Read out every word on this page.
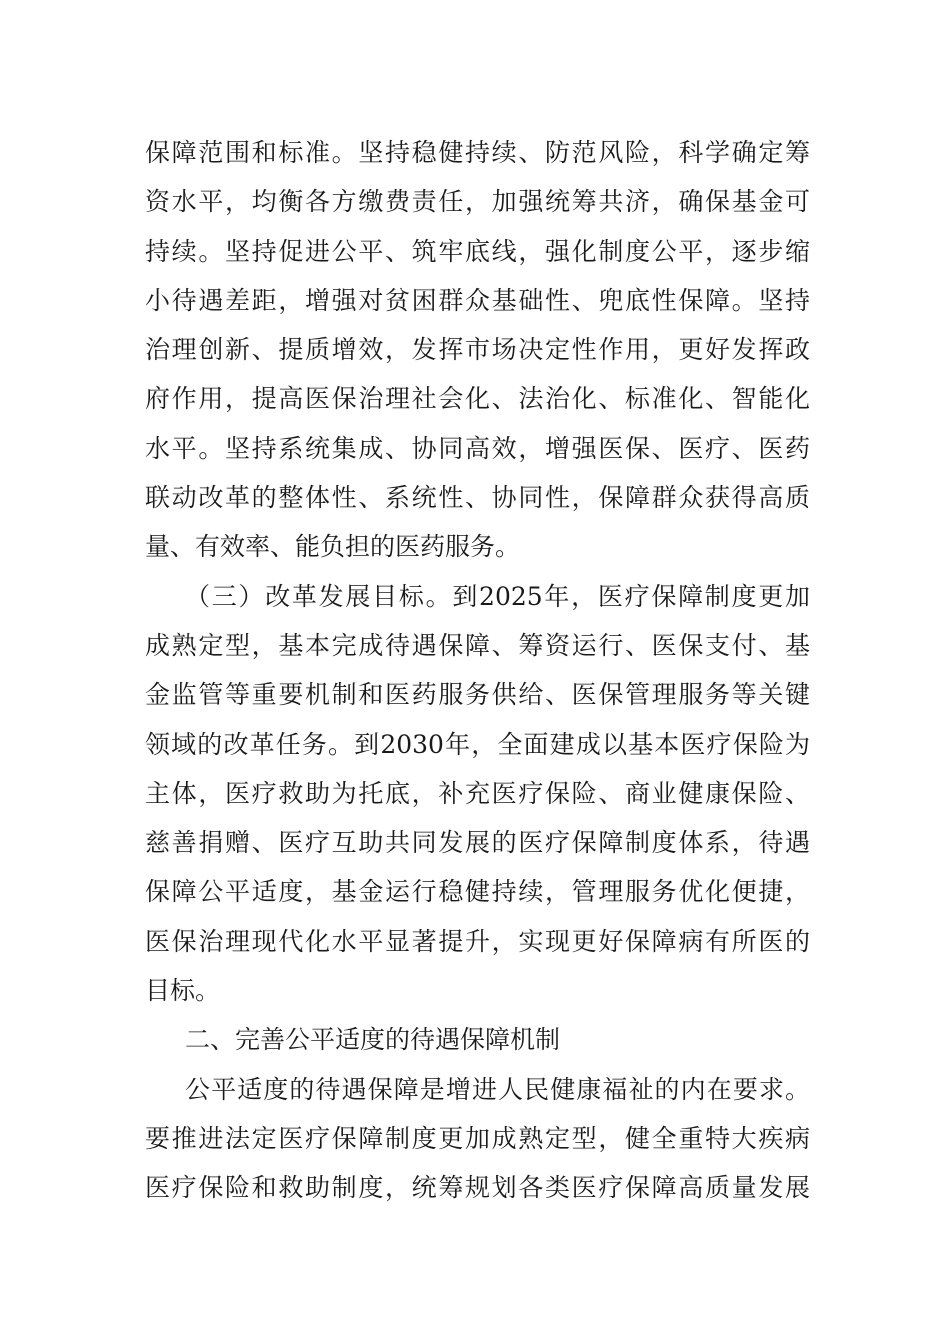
保障范围和标准。坚持稳健持续、防范风险，科学确定筹
资水平，均衡各方缴费责任，加强统筹共济，确保基金可
持续。坚持促进公平、筑牢底线，强化制度公平，逐步缩
小待遇差距，增强对贫困群众基础性、兜底性保障。坚持
治理创新、提质增效，发挥市场决定性作用，更好发挥政
府作用，提高医保治理社会化、法治化、标准化、智能化
水平。坚持系统集成、协同高效，增强医保、医疗、医药
联动改革的整体性、系统性、协同性，保障群众获得高质
量、有效率、能负担的医药服务。
（三）改革发展目标。到2025年，医疗保障制度更加
成熟定型，基本完成待遇保障、筹资运行、医保支付、基
金监管等重要机制和医药服务供给、医保管理服务等关键
领域的改革任务。到2030年，全面建成以基本医疗保险为
主体，医疗救助为托底，补充医疗保险、商业健康保险、
慈善捐赠、医疗互助共同发展的医疗保障制度体系，待遇
保障公平适度，基金运行稳健持续，管理服务优化便捷，
医保治理现代化水平显著提升，实现更好保障病有所医的
目标。
二、完善公平适度的待遇保障机制
公平适度的待遇保障是增进人民健康福祉的内在要求。
要推进法定医疗保障制度更加成熟定型，健全重特大疾病
医疗保险和救助制度，统筹规划各类医疗保障高质量发展
